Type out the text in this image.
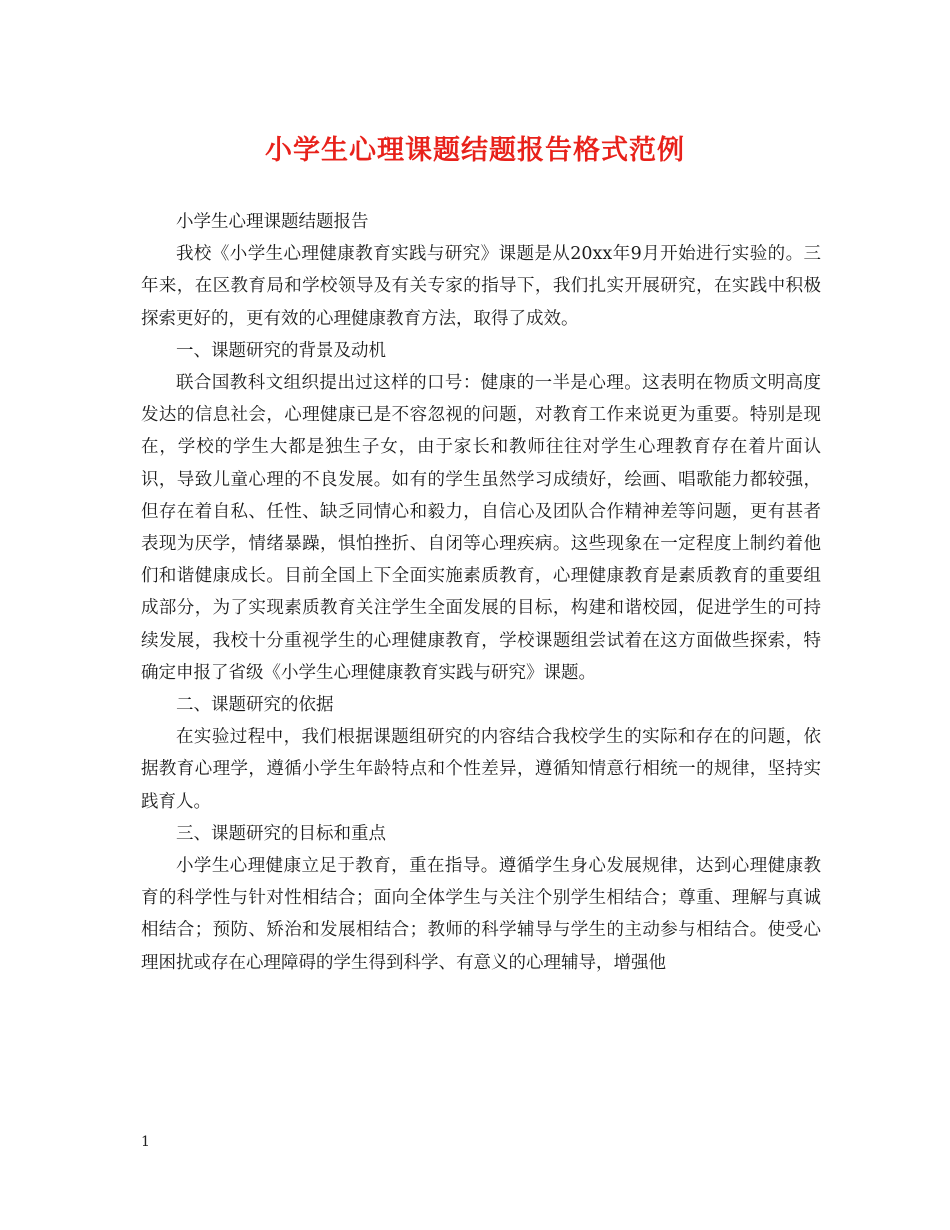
小学生心理课题结题报告格式范例

小学生心理课题结题报告

我校《小学生心理健康教育实践与研究》课题是从20xx年9月开始进行实验的。三年来，在区教育局和学校领导及有关专家的指导下，我们扎实开展研究，在实践中积极探索更好的，更有效的心理健康教育方法，取得了成效。

一、课题研究的背景及动机

联合国教科文组织提出过这样的口号：健康的一半是心理。这表明在物质文明高度发达的信息社会，心理健康已是不容忽视的问题，对教育工作来说更为重要。特别是现在，学校的学生大都是独生子女，由于家长和教师往往对学生心理教育存在着片面认识，导致儿童心理的不良发展。如有的学生虽然学习成绩好，绘画、唱歌能力都较强，但存在着自私、任性、缺乏同情心和毅力，自信心及团队合作精神差等问题，更有甚者表现为厌学，情绪暴躁，惧怕挫折、自闭等心理疾病。这些现象在一定程度上制约着他们和谐健康成长。目前全国上下全面实施素质教育，心理健康教育是素质教育的重要组成部分，为了实现素质教育关注学生全面发展的目标，构建和谐校园，促进学生的可持续发展，我校十分重视学生的心理健康教育，学校课题组尝试着在这方面做些探索，特确定申报了省级《小学生心理健康教育实践与研究》课题。

二、课题研究的依据

在实验过程中，我们根据课题组研究的内容结合我校学生的实际和存在的问题，依据教育心理学，遵循小学生年龄特点和个性差异，遵循知情意行相统一的规律，坚持实践育人。

三、课题研究的目标和重点

小学生心理健康立足于教育，重在指导。遵循学生身心发展规律，达到心理健康教育的科学性与针对性相结合；面向全体学生与关注个别学生相结合；尊重、理解与真诚相结合；预防、矫治和发展相结合；教师的科学辅导与学生的主动参与相结合。使受心理困扰或存在心理障碍的学生得到科学、有意义的心理辅导，增强他

1
